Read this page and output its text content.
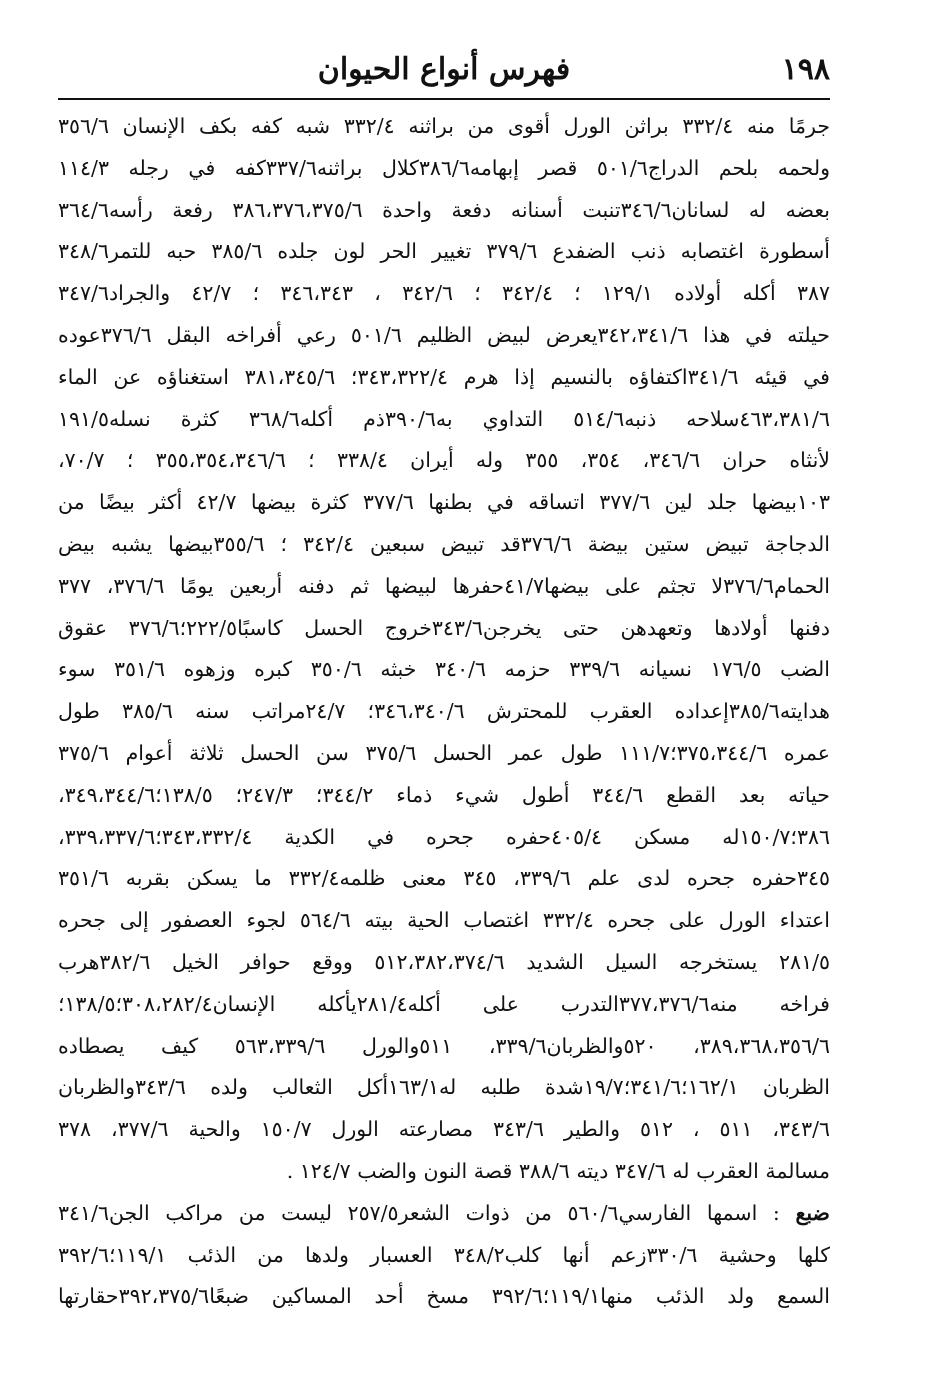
١٩٨
فهرس أنواع الحيوان
جرمًا منه ٣٣٢/٤ براثن الورل أقوى من براثنه ٣٣٢/٤ شبه كفه بكف الإنسان ٣٥٦/٦
ولحمه بلحم الدراج٥٠١/٦ قصر إبهامه٣٨٦/٦كلال براثنه٣٣٧/٦كفه في رجله ١١٤/٣
بعضه له لسانان٣٤٦/٦تنبت أسنانه دفعة واحدة ٣٨٦،٣٧٦،٣٧٥/٦ رفعة رأسه٣٦٤/٦
أسطورة اغتصابه ذنب الضفدع ٣٧٩/٦ تغيير الحر لون جلده ٣٨٥/٦ حبه للتمر٣٤٨/٦
٣٨٧ أكله أولاده ١٢٩/١ ؛ ٣٤٢/٤ ؛ ٣٤٢/٦ ، ٣٤٦،٣٤٣ ؛ ٤٢/٧ والجراد٣٤٧/٦
حيلته في هذا ٣٤٢،٣٤١/٦يعرض لبيض الظليم ٥٠١/٦ رعي أفراخه البقل ٣٧٦/٦عوده
في قيئه ٣٤١/٦اكتفاؤه بالنسيم إذا هرم ٣٤٣،٣٢٢/٤؛ ٣٨١،٣٤٥/٦ استغناؤه عن الماء
٤٦٣،٣٨١/٦سلاحه ذنبه٥١٤/٦ التداوي به٣٩٠/٦ذم أكله٣٦٨/٦ كثرة نسله١٩١/٥
لأنثاه حران ٣٤٦/٦، ٣٥٤، ٣٥٥ وله أيران ٣٣٨/٤ ؛ ٣٥٥،٣٥٤،٣٤٦/٦ ؛ ٧٠/٧،
١٠٣بيضها جلد لين ٣٧٧/٦ اتساقه في بطنها ٣٧٧/٦ كثرة بيضها ٤٢/٧ أكثر بيضًا من
الدجاجة تبيض ستين بيضة ٣٧٦/٦قد تبيض سبعين ٣٤٢/٤ ؛ ٣٥٥/٦بيضها يشبه بيض
الحمام٣٧٦/٦لا تجثم على بيضها٤١/٧حفرها لبيضها ثم دفنه أربعين يومًا ٣٧٦/٦، ٣٧٧
دفنها أولادها وتعهدهن حتى يخرجن٣٤٣/٦خروج الحسل كاسبًا٢٢٢/٥؛٣٧٦/٦ عقوق
الضب ١٧٦/٥ نسيانه ٣٣٩/٦ حزمه ٣٤٠/٦ خبثه ٣٥٠/٦ كبره وزهوه ٣٥١/٦ سوء
هدايته٣٨٥/٦إعداده العقرب للمحترش ٣٤٦،٣٤٠/٦؛ ٢٤/٧مراتب سنه ٣٨٥/٦ طول
عمره ٣٧٥،٣٤٤/٦؛١١١/٧ طول عمر الحسل ٣٧٥/٦ سن الحسل ثلاثة أعوام ٣٧٥/٦
حياته بعد القطع ٣٤٤/٦ أطول شيء ذماء ٣٤٤/٢؛ ٢٤٧/٣؛ ١٣٨/٥؛٣٤٩،٣٤٤/٦،
٣٨٦؛١٥٠/٧له مسكن ٤٠٥/٤حفره جحره في الكدية ٣٤٣،٣٣٢/٤؛٣٣٩،٣٣٧/٦،
٣٤٥حفره جحره لدى علم ٣٣٩/٦، ٣٤٥ معنى ظلمه٣٣٢/٤ ما يسكن بقربه ٣٥١/٦
اعتداء الورل على جحره ٣٣٢/٤ اغتصاب الحية بيته ٥٦٤/٦ لجوء العصفور إلى جحره
٢٨١/٥ يستخرجه السيل الشديد ٥١٢،٣٨٢،٣٧٤/٦ ووقع حوافر الخيل ٣٨٢/٦هرب
فراخه منه٣٧٧،٣٧٦/٦التدرب على أكله٢٨١/٤يأكله الإنسان٣٠٨،٢٨٢/٤؛١٣٨/٥؛
٣٨٩،٣٦٨،٣٥٦/٦، ٥٢٠والظربان٣٣٩/٦، ٥١١والورل ٥٦٣،٣٣٩/٦ كيف يصطاده
الظربان ١٦٢/١؛٣٤١/٦؛١٩/٧شدة طلبه له١٦٣/١أكل الثعالب ولده ٣٤٣/٦والظربان
٣٤٣/٦، ٥١١ ، ٥١٢ والطير ٣٤٣/٦ مصارعته الورل ١٥٠/٧ والحية ٣٧٧/٦، ٣٧٨
مسالمة العقرب له ٣٤٧/٦ ديته ٣٨٨/٦ قصة النون والضب ١٢٤/٧ .
ضبع : اسمها الفارسي٥٦٠/٦ من ذوات الشعر٢٥٧/٥ ليست من مراكب الجن٣٤١/٦
كلها وحشية ٣٣٠/٦زعم أنها كلب٣٤٨/٢ العسبار ولدها من الذئب ١١٩/١؛٣٩٢/٦
السمع ولد الذئب منها١١٩/١؛٣٩٢/٦ مسخ أحد المساكين ضبعًا٣٩٢،٣٧٥/٦حقارتها
